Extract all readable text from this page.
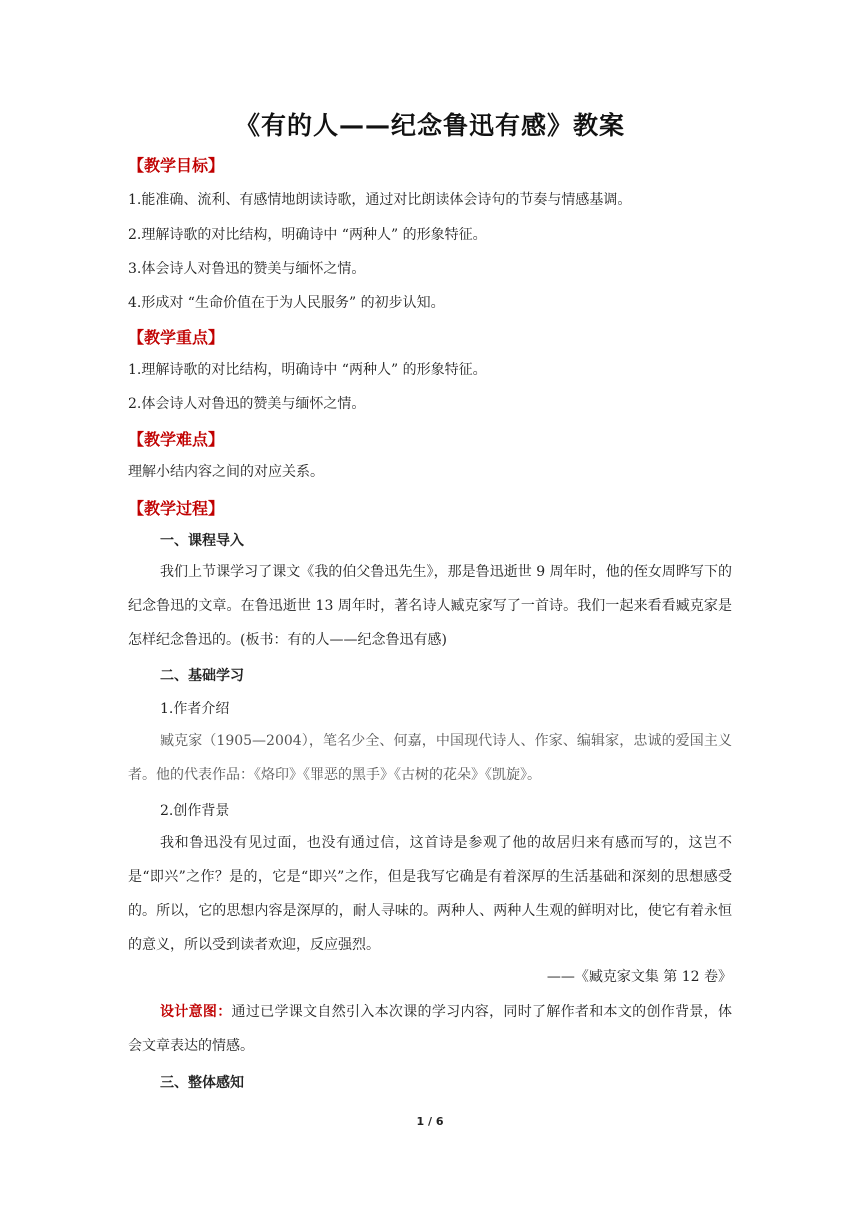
《有的人——纪念鲁迅有感》教案
【教学目标】
1.能准确、流利、有感情地朗读诗歌，通过对比朗读体会诗句的节奏与情感基调。
2.理解诗歌的对比结构，明确诗中 “两种人” 的形象特征。
3.体会诗人对鲁迅的赞美与缅怀之情。
4.形成对 “生命价值在于为人民服务” 的初步认知。
【教学重点】
1.理解诗歌的对比结构，明确诗中 “两种人” 的形象特征。
2.体会诗人对鲁迅的赞美与缅怀之情。
【教学难点】
理解小结内容之间的对应关系。
【教学过程】
一、课程导入
我们上节课学习了课文《我的伯父鲁迅先生》，那是鲁迅逝世 9 周年时，他的侄女周晔写下的纪念鲁迅的文章。在鲁迅逝世 13 周年时，著名诗人臧克家写了一首诗。我们一起来看看臧克家是怎样纪念鲁迅的。(板书：有的人——纪念鲁迅有感)
二、基础学习
1.作者介绍
臧克家（1905—2004），笔名少全、何嘉，中国现代诗人、作家、编辑家，忠诚的爱国主义者。他的代表作品：《烙印》《罪恶的黑手》《古树的花朵》《凯旋》。
2.创作背景
我和鲁迅没有见过面，也没有通过信，这首诗是参观了他的故居归来有感而写的，这岂不是“即兴”之作？是的，它是“即兴”之作，但是我写它确是有着深厚的生活基础和深刻的思想感受的。所以，它的思想内容是深厚的，耐人寻味的。两种人、两种人生观的鲜明对比，使它有着永恒的意义，所以受到读者欢迎，反应强烈。
——《臧克家文集 第 12 卷》
设计意图：通过已学课文自然引入本次课的学习内容，同时了解作者和本文的创作背景，体会文章表达的情感。
三、整体感知
1 / 6
